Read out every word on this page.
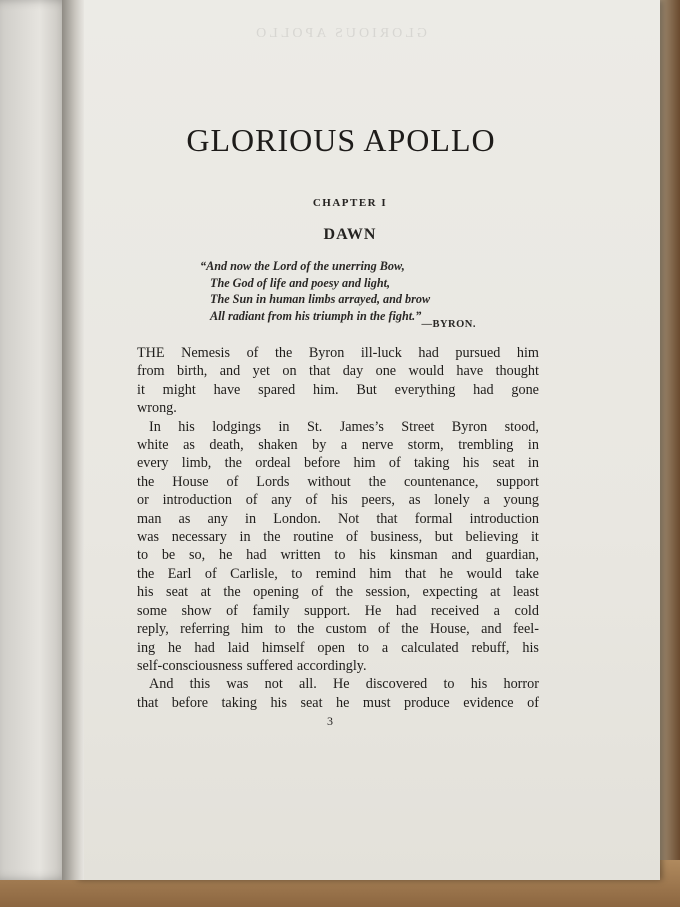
GLORIOUS APOLLO
GLORIOUS APOLLO
CHAPTER I
DAWN
“And now the Lord of the unerring Bow,
The God of life and poesy and light,
The Sun in human limbs arrayed, and brow
All radiant from his triumph in the fight.”
—BYRON.
THE Nemesis of the Byron ill-luck had pursued him
from birth, and yet on that day one would have thought
it might have spared him. But everything had gone
wrong.
In his lodgings in St. James’s Street Byron stood,
white as death, shaken by a nerve storm, trembling in
every limb, the ordeal before him of taking his seat in
the House of Lords without the countenance, support
or introduction of any of his peers, as lonely a young
man as any in London. Not that formal introduction
was necessary in the routine of business, but believing it
to be so, he had written to his kinsman and guardian,
the Earl of Carlisle, to remind him that he would take
his seat at the opening of the session, expecting at least
some show of family support. He had received a cold
reply, referring him to the custom of the House, and feel-
ing he had laid himself open to a calculated rebuff, his
self-consciousness suffered accordingly.
And this was not all. He discovered to his horror
that before taking his seat he must produce evidence of
3
